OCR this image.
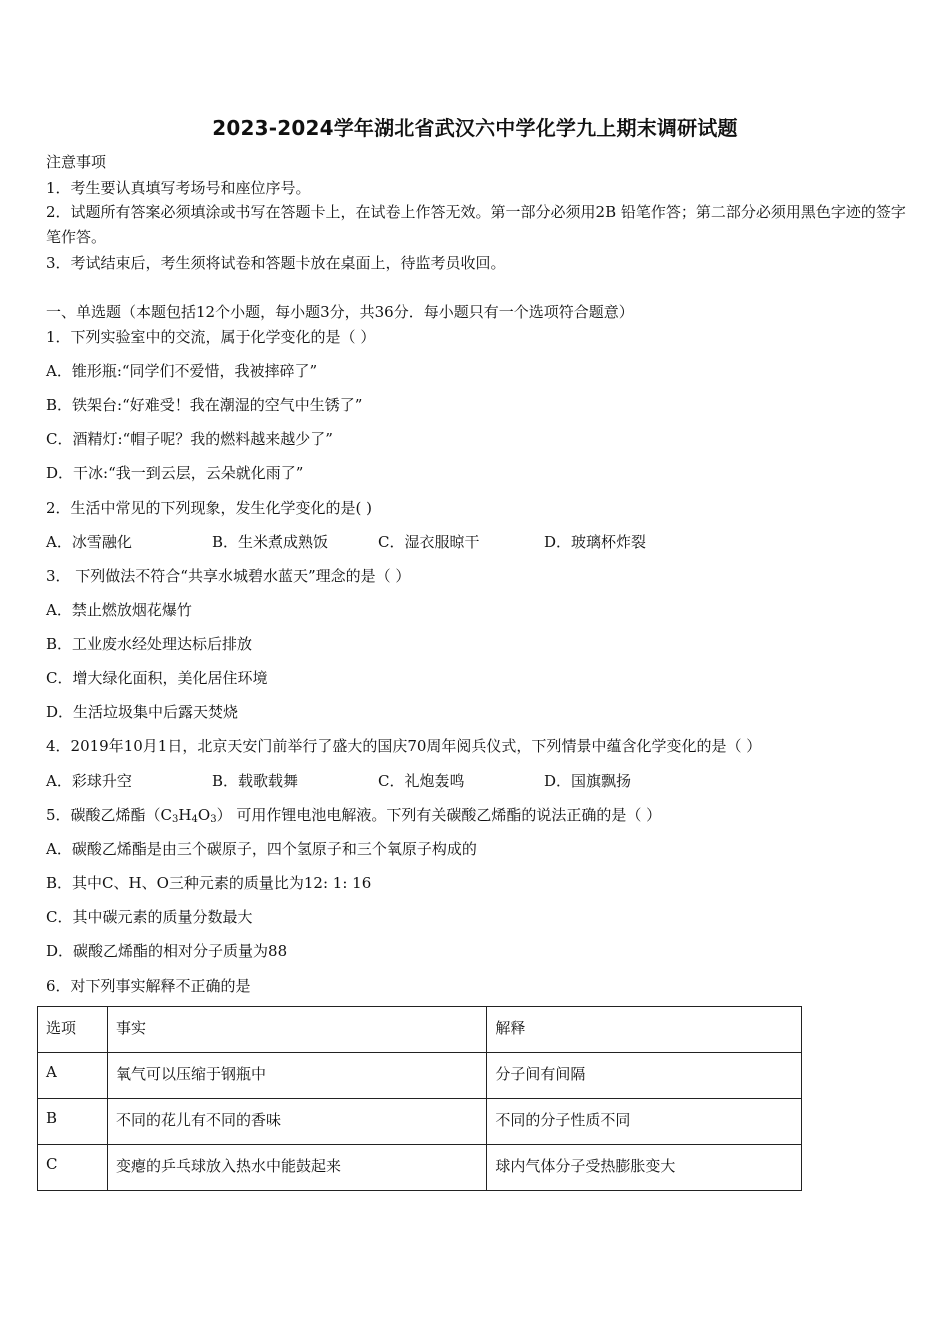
2023-2024学年湖北省武汉六中学化学九上期末调研试题
注意事项
1．考生要认真填写考场号和座位序号。
2．试题所有答案必须填涂或书写在答题卡上，在试卷上作答无效。第一部分必须用2B 铅笔作答；第二部分必须用黑色字迹的签字笔作答。
3．考试结束后，考生须将试卷和答题卡放在桌面上，待监考员收回。
一、单选题（本题包括12个小题，每小题3分，共36分．每小题只有一个选项符合题意）
1．下列实验室中的交流，属于化学变化的是（ ）
A．锥形瓶:“同学们不爱惜，我被摔碎了”
B．铁架台:“好难受！我在潮湿的空气中生锈了”
C．酒精灯:“帽子呢？我的燃料越来越少了”
D．干冰:“我一到云层，云朵就化雨了”
2．生活中常见的下列现象，发生化学变化的是( )
A．冰雪融化	B．生米煮成熟饭	C．湿衣服晾干	D．玻璃杯炸裂
3． 下列做法不符合“共享水城碧水蓝天”理念的是（ ）
A．禁止燃放烟花爆竹
B．工业废水经处理达标后排放
C．增大绿化面积，美化居住环境
D．生活垃圾集中后露天焚烧
4．2019年10月1日，北京天安门前举行了盛大的国庆70周年阅兵仪式，下列情景中蕴含化学变化的是（ ）
A．彩球升空	B．载歌载舞	C．礼炮轰鸣	D．国旗飘扬
5．碳酸乙烯酯$(C_3H_4O_3)$ 可用作锂电池电解液。下列有关碳酸乙烯酯的说法正确的是（ ）
A．碳酸乙烯酯是由三个碳原子，四个氢原子和三个氧原子构成的
B．其中C、H、O三种元素的质量比为12: 1: 16
C．其中碳元素的质量分数最大
D．碳酸乙烯酯的相对分子质量为88
6．对下列事实解释不正确的是
选项	事实	解释
A	氧气可以压缩于钢瓶中	分子间有间隔
B	不同的花儿有不同的香味	不同的分子性质不同
C	变瘪的乒乓球放入热水中能鼓起来	球内气体分子受热膨胀变大
